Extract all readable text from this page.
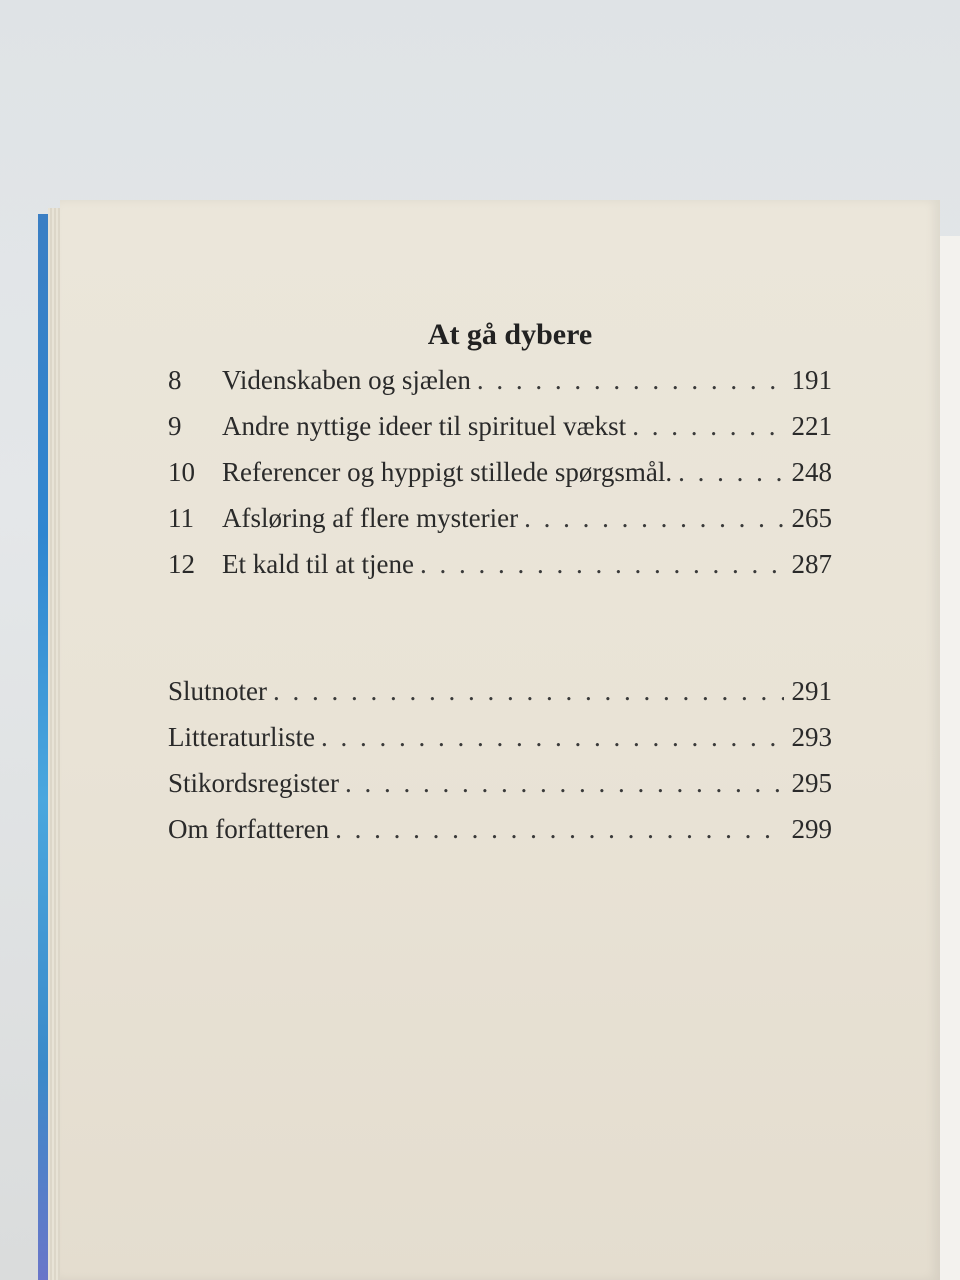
At gå dybere
8	Videnskaben og sjælen . . .	191
9	Andre nyttige ideer til spirituel vækst . . .	221
10	Referencer og hyppigt stillede spørgsmål. . . .	248
11	Afsløring af flere mysterier . . .	265
12	Et kald til at tjene . . .	287
Slutnoter . . .	291
Litteraturliste . . .	293
Stikordsregister . . .	295
Om forfatteren . . .	299
